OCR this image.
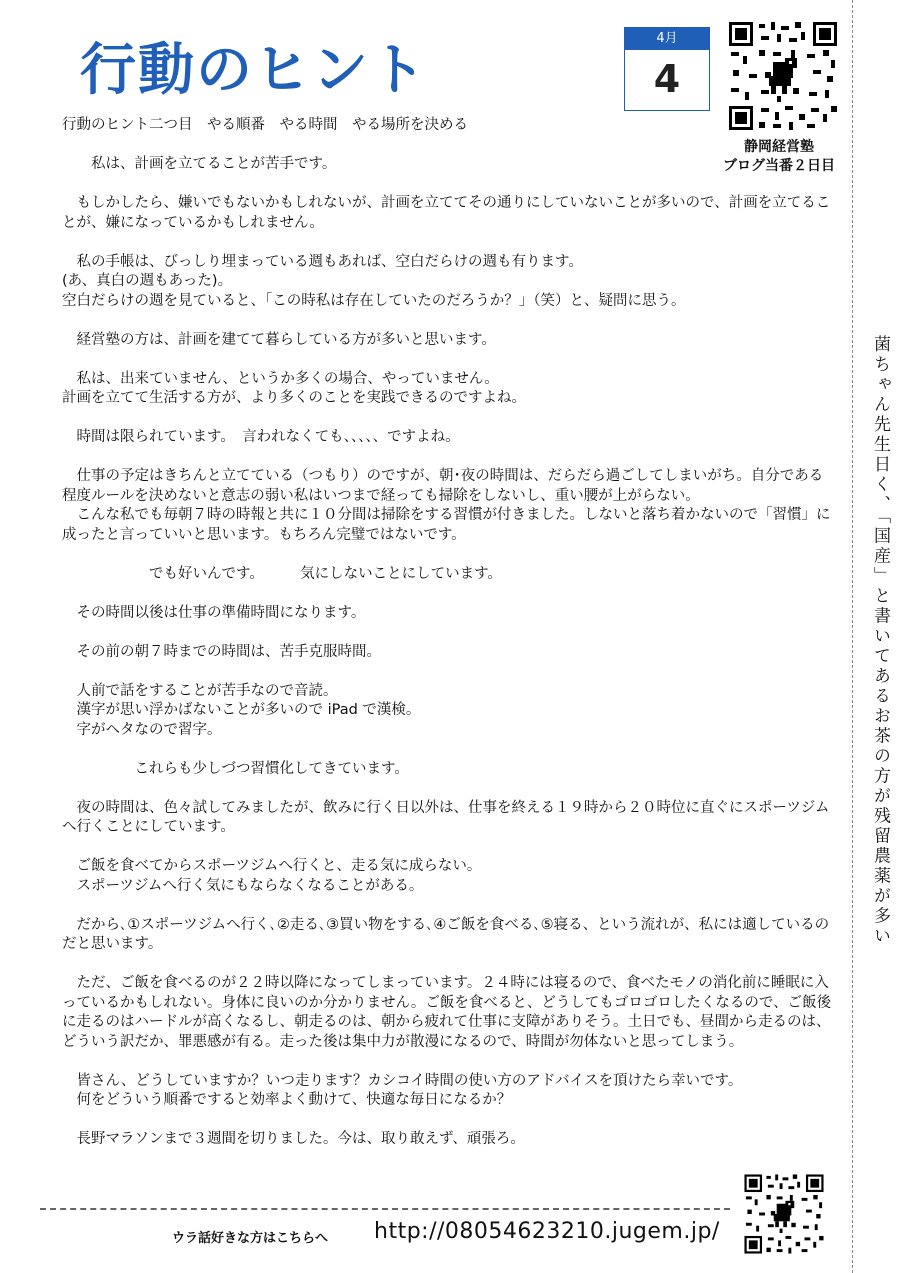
行動のヒント	4月
4
静岡経営塾
ブログ当番２日目
菌ちゃん先生日く、「国産」と書いてあるお茶の方が残留農薬が多い

行動のヒント二つ目　やる順番　やる時間　やる場所を決める

　　私は、計画を立てることが苦手です。

　もしかしたら、嫌いでもないかもしれないが、計画を立ててその通りにしていないことが多いので、計画を立てることが、嫌になっているかもしれません。

　私の手帳は、びっしり埋まっている週もあれば、空白だらけの週も有ります。

(あ、真白の週もあった)。

空白だらけの週を見ていると、「この時私は存在していたのだろうか？」（笑）と、疑問に思う。

　経営塾の方は、計画を建てて暮らしている方が多いと思います。

　私は、出来ていません、というか多くの場合、やっていません。

計画を立てて生活する方が、より多くのことを実践できるのですよね。

　時間は限られています。　言われなくても、、、、、ですよね。

　仕事の予定はきちんと立てている（つもり）のですが、朝･夜の時間は、だらだら過ごしてしまいがち。自分である程度ルールを決めないと意志の弱い私はいつまで経っても掃除をしないし、重い腰が上がらない。

　こんな私でも毎朝７時の時報と共に１０分間は掃除をする習慣が付きました。しないと落ち着かないので「習慣」に成ったと言っていいと思います。もちろん完璧ではないです。

　　　　　　でも好いんです。　　　気にしないことにしています。

　その時間以後は仕事の準備時間になります。

　その前の朝７時までの時間は、苦手克服時間。

　人前で話をすることが苦手なので音読。

　漢字が思い浮かばないことが多いので iPad で漢検。

　字がヘタなので習字。

　　　　　これらも少しづつ習慣化してきています。

　夜の時間は、色々試してみましたが、飲みに行く日以外は、仕事を終える１９時から２０時位に直ぐにスポーツジムへ行くことにしています。

　ご飯を食べてからスポーツジムへ行くと、走る気に成らない。

　スポーツジムへ行く気にもならなくなることがある。

　だから､①スポーツジムへ行く､②走る､③買い物をする､④ご飯を食べる､⑤寝る、という流れが、私には適しているのだと思います。

　ただ、ご飯を食べるのが２２時以降になってしまっています。２４時には寝るので、食べたモノの消化前に睡眠に入っているかもしれない。身体に良いのか分かりません。ご飯を食べると、どうしてもゴロゴロしたくなるので、ご飯後に走るのはハードルが高くなるし、朝走るのは、朝から疲れて仕事に支障がありそう。土日でも、昼間から走るのは、どういう訳だか、罪悪感が有る。走った後は集中力が散漫になるので、時間が勿体ないと思ってしまう。

　皆さん、どうしていますか？いつ走ります？カシコイ時間の使い方のアドバイスを頂けたら幸いです。

　何をどういう順番ですると効率よく動けて、快適な毎日になるか？

　長野マラソンまで３週間を切りました。今は、取り敢えず、頑張ろ。

ウラ話好きな方はこちらへ http://08054623210.jugem.jp/
